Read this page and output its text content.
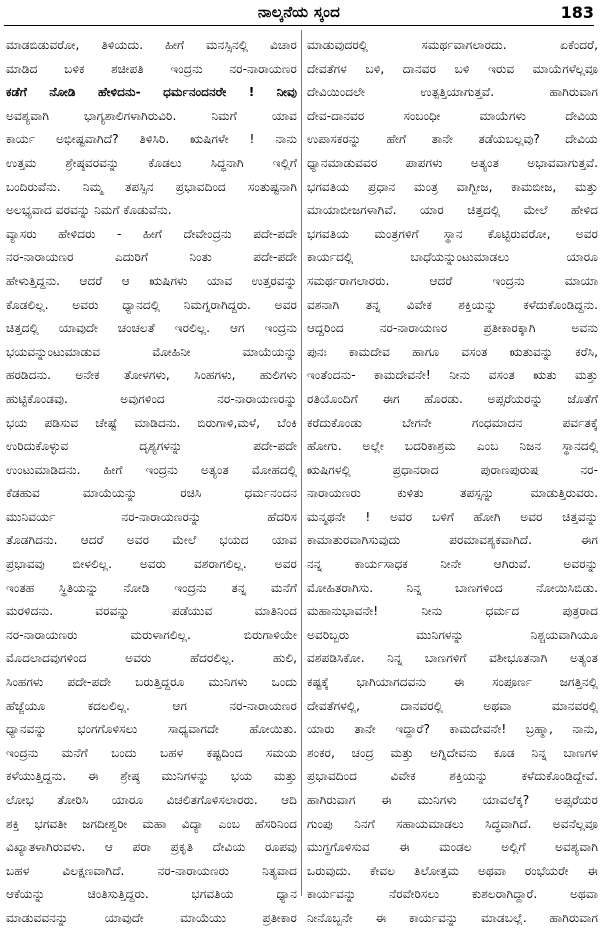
ನಾಲ್ಕನೆಯ ಸ್ಕಂದ	183
ಮಾಡಬಿಡುವರೋ, ತಿಳಿಯದು. ಹೀಗೆ ಮನಸ್ಸಿನಲ್ಲಿ ವಿಚಾರ
ಮಾಡಿದ ಬಳಿಕ ಶಚೀಪತಿ ಇಂದ್ರನು ನರ-ನಾರಾಯಣರ
ಕಡೆಗೆ ನೋಡಿ ಹೇಳಿದನು- ಧರ್ಮನಂದನರೇ ! ನೀವು
ಅವಶ್ಯವಾಗಿ ಭಾಗ್ಯಶಾಲಿಗಳಾಗಿರುವಿರಿ. ನಿಮಗೆ ಯಾವ
ಕಾರ್ಯ ಅಭೀಷ್ಟವಾಗಿದೆ? ತಿಳಿಸಿರಿ. ಋಷಿಗಳೇ ! ನಾನು
ಉತ್ತಮ ಶ್ರೇಷ್ಠವರವನ್ನು ಕೊಡಲು ಸಿದ್ಧನಾಗಿ ಇಲ್ಲಿಗೆ
ಬಂದಿರುವೆನು. ನಿಮ್ಮ ತಪಸ್ಸಿನ ಪ್ರಭಾವದಿಂದ ಸಂತುಷ್ಟನಾಗಿ
ಅಲಭ್ಯವಾದ ವರವನ್ನು ನಿಮಗೆ ಕೊಡುವೆನು.
ವ್ಯಾಸರು ಹೇಳಿದರು - ಹೀಗೆ ದೇವೇಂದ್ರನು ಪದೇ-ಪದೇ
ನರ-ನಾರಾಯಣರ ಎದುರಿಗೆ ನಿಂತು ಪದೇ-ಪದೇ
ಹೇಳುತ್ತಿದ್ದನು. ಆದರೆ ಆ ಋಷಿಗಳು ಯಾವ ಉತ್ತರವನ್ನು
ಕೊಡಲಿಲ್ಲ. ಅವರು ಧ್ಯಾನದಲ್ಲಿ ನಿಮಗ್ನರಾಗಿದ್ದರು. ಅವರ
ಚಿತ್ತದಲ್ಲಿ ಯಾವುದೇ ಚಂಚಲತೆ ಇರಲಿಲ್ಲ. ಆಗ ಇಂದ್ರನು
ಭಯವನ್ನುಂಟುಮಾಡುವ ಮೋಹಿನೀ ಮಾಯೆಯನ್ನು
ಹರಡಿದನು. ಅನೇಕ ತೋಳಗಳು, ಸಿಂಹಗಳು, ಹುಲಿಗಳು
ಹುಟ್ಟಿಕೊಂಡವು. ಅವುಗಳಿಂದ ನರ-ನಾರಾಯಣರನ್ನು
ಭಯ ಪಡಿಸುವ ಚೇಷ್ಟೆ ಮಾಡಿದನು. ಬಿರುಗಾಳಿ,ಮಳೆ, ಬೆಂಕಿ
ಉರಿದುಕೊಳ್ಳುವ ದೃಶ್ಯಗಳನ್ನು ಪದೇ-ಪದೇ
ಉಂಟುಮಾಡಿದನು. ಹೀಗೆ ಇಂದ್ರನು ಅತ್ಯಂತ ಮೋಹದಲ್ಲಿ
ಕೆಡಹುವ ಮಾಯೆಯನ್ನು ರಚಿಸಿ ಧರ್ಮನಂದನ
ಮುನಿವರ್ಯ ನರ-ನಾರಾಯಣರನ್ನು ಹೆದರಿಸ
ತೊಡಗಿದನು. ಆದರೆ ಅವರ ಮೇಲೆ ಭಯದ ಯಾವ
ಪ್ರಭಾವವು ಬೀಳಲಿಲ್ಲ. ಅವರು ವಶರಾಗಲಿಲ್ಲ. ಅವರ
ಇಂತಹ ಸ್ಥಿತಿಯನ್ನು ನೋಡಿ ಇಂದ್ರನು ತನ್ನ ಮನೆಗೆ
ಮರಳಿದನು. ವರವನ್ನು ಪಡೆಯುವ ಮಾತಿನಿಂದ
ನರ-ನಾರಾಯಣರು ಮರುಳಾಗಲಿಲ್ಲ. ಬಿರುಗಾಳಿಯೇ
ಮೊದಲಾದವುಗಳಿಂದ ಅವರು ಹೆದರಲಿಲ್ಲ. ಹುಲಿ,
ಸಿಂಹಗಳು ಪದೇ-ಪದೇ ಬರುತ್ತಿದ್ದರೂ ಮುನಿಗಳು ಒಂದು
ಹೆಜ್ಜೆಯೂ ಕದಲಲಿಲ್ಲ. ಆಗ ನರ-ನಾರಾಯಣರ
ಧ್ಯಾನವನ್ನು ಭಂಗಗೊಳಿಸಲು ಸಾಧ್ಯವಾಗದೇ ಹೋಯಿತು.
ಇಂದ್ರನು ಮನೆಗೆ ಬಂದು ಬಹಳ ಕಷ್ಟದಿಂದ ಸಮಯ
ಕಳೆಯುತ್ತಿದ್ದನು. ಈ ಶ್ರೇಷ್ಠ ಮುನಿಗಳನ್ನು ಭಯ ಮತ್ತು
ಲೋಭ ತೋರಿಸಿ ಯಾರೂ ವಿಚಲಿತಗೊಳಿಸಲಾರರು. ಆದಿ
ಶಕ್ತಿ ಭಗವತೀ ಜಗದೀಶ್ವರೀ ಮಹಾ ವಿದ್ಯಾ ಎಂಬ ಹೆಸರಿನಿಂದ
ವಿಖ್ಯಾತಳಾಗಿರುವಳು. ಆ ಪರಾ ಪ್ರಕೃತಿ ದೇವಿಯ ರೂಪವು
ಬಹಳ ವಿಲಕ್ಷಣವಾಗಿದೆ. ನರ-ನಾರಾಯಣರು ನಿತ್ಯವಾದ
ಆಕೆಯನ್ನು ಚಿಂತಿಸುತ್ತಿದ್ದರು. ಭಗವತಿಯ ಧ್ಯಾನ
ಮಾಡುವವನನ್ನು ಯಾವುದೇ ಮಾಯೆಯು ಪ್ರತೀಕಾರ
ಮಾಡುವುದರಲ್ಲಿ ಸಮರ್ಥವಾಗಲಾರದು. ಏಕೆಂದರೆ,
ದೇವತೆಗಳ ಬಳಿ, ದಾನವರ ಬಳಿ ಇರುವ ಮಾಯೆಗಳೆಲ್ಲವೂ
ದೇವಿಯಿಂದಲೇ ಉತ್ಪತ್ತಿಯಾಗುತ್ತವೆ. ಹಾಗಿರುವಾಗ
ದೇವ-ದಾನವರ ಸಂಬಂಧೀ ಮಾಯೆಗಳು ದೇವಿಯ
ಉಪಾಸಕರನ್ನು ಹೇಗೆ ತಾನೇ ತಡೆಯಬಲ್ಲವು? ದೇವಿಯ
ಧ್ಯಾನಮಾಡುವವರ ಪಾಪಗಳು ಅತ್ಯಂತ ಅಭಾವವಾಗುತ್ತವೆ.
ಭಗವತಿಯ ಪ್ರಧಾನ ಮಂತ್ರ ವಾಗ್ಬೀಜ, ಕಾಮಬೀಜ, ಮತ್ತು
ಮಾಯಾಬೀಜಗಳಾಗಿವೆ. ಯಾರ ಚಿತ್ತದಲ್ಲಿ ಮೇಲೆ ಹೇಳಿದ
ಭಗವತಿಯ ಮಂತ್ರಗಳಿಗೆ ಸ್ಥಾನ ಕೊಟ್ಟಿರುವರೋ, ಅವರ
ಕಾರ್ಯದಲ್ಲಿ ಬಾಧೆಯನ್ನುಂಟುಮಾಡಲು ಯಾರೂ
ಸಮರ್ಥರಾಗಲಾರರು. ಆದರೆ ಇಂದ್ರನು ಮಾಯಾ
ವಶನಾಗಿ ತನ್ನ ವಿವೇಕ ಶಕ್ತಿಯನ್ನು ಕಳೆದುಕೊಂಡಿದ್ದನು.
ಆದ್ದರಿಂದ ನರ-ನಾರಾಯಣರ ಪ್ರತೀಕಾರಕ್ಕಾಗಿ ಅವನು
ಪುನಃ ಕಾಮದೇವ ಹಾಗೂ ವಸಂತ ಋತುವನ್ನು ಕರೆಸಿ,
ಇಂತೆಂದನು- ಕಾಮದೇವನೇ! ನೀನು ವಸಂತ ಋತು ಮತ್ತು
ರತಿಯೊಂದಿಗೆ ಈಗ ಹೊರಡು. ಅಪ್ಸರೆಯರನ್ನು ಜೊತೆಗೆ
ಕರೆದುಕೊಂಡು ಬೇಗನೇ ಗಂಧಮಾದನ ಪರ್ವತಕ್ಕೆ
ಹೋಗು. ಅಲ್ಲೇ ಬದರಿಕಾಶ್ರಮ ಎಂಬ ನಿಜನ ಸ್ಥಾನದಲ್ಲಿ
ಋಷಿಗಳಲ್ಲಿ ಪ್ರಧಾನರಾದ ಪುರಾಣಪುರುಷ ನರ-
ನಾರಾಯಣರು ಕುಳಿತು ತಪಸ್ಸನ್ನು ಮಾಡುತ್ತಿರುವರು.
ಮನ್ಮಥನೇ ! ಅವರ ಬಳಿಗೆ ಹೋಗಿ ಅವರ ಚಿತ್ತವನ್ನು
ಕಾಮಾತುರವಾಗಿಸುವುದು ಪರಮಾವಶ್ಯಕವಾಗಿದೆ. ಈಗ
ನನ್ನ ಕಾರ್ಯಸಾಧಕ ನೀನೇ ಆಗಿರುವೆ. ಅವರನ್ನು
ಮೋಹಿತರಾಗಿಸು. ನಿನ್ನ ಬಾಣಗಳಿಂದ ನೋಯಿಸಿಬಿಡು.
ಮಹಾನುಭಾವನೇ! ನೀನು ಧರ್ಮದ ಪುತ್ರರಾದ
ಅವರಿಬ್ಬರು ಮುನಿಗಳನ್ನು ನಿಶ್ಚಯವಾಗಿಯೂ
ವಶಪಡಿಸಿಕೋ. ನಿನ್ನ ಬಾಣಗಳಿಗೆ ವಶೀಭೂತನಾಗಿ ಅತ್ಯಂತ
ಕಷ್ಟಕ್ಕೆ ಭಾಗಿಯಾಗದವನು ಈ ಸಂಪೂರ್ಣ ಜಗತ್ತಿನಲ್ಲಿ
ದೇವತೆಗಳಲ್ಲಿ, ದಾನವರಲ್ಲಿ ಅಥವಾ ಮಾನವರಲ್ಲಿ
ಯಾರು ತಾನೇ ಇದ್ದಾರೆ? ಕಾಮದೇವನೇ! ಬ್ರಹ್ಮಾ, ನಾನು,
ಶಂಕರ, ಚಂದ್ರ ಮತ್ತು ಅಗ್ನಿದೇವನು ಕೂಡ ನಿನ್ನ ಬಾಣಗಳ
ಪ್ರಭಾವದಿಂದ ವಿವೇಕ ಶಕ್ತಿಯನ್ನು ಕಳೆದುಕೊಂಡಿದ್ದೇವೆ.
ಹಾಗಿರುವಾಗ ಈ ಮುನಿಗಳು ಯಾವಲೆಕ್ಕ? ಅಪ್ಸರೆಯರ
ಗುಂಪು ನಿನಗೆ ಸಹಾಯಮಾಡಲು ಸಿದ್ಧವಾಗಿದೆ. ಅವನೆಲ್ಲವೂ
ಮುಗ್ಧಗೊಳಿಸುವ ಈ ಮಂಡಲ ಅಲ್ಲಿಗೆ ಅವಶ್ಯವಾಗಿ
ಒರುವುದು. ಕೇವಲ ತಿಲೋತ್ತಮ ಅಥವಾ ರಂಭೆಯರೇ ಈ
ಕಾರ್ಯವನ್ನು ನೆರವೇರಿಸಲು ಕುಶಲರಾಗಿದ್ದಾರೆ. ಅಥವಾ
ನೀನೊಬ್ಬನೇ ಈ ಕಾರ್ಯವನ್ನು ಮಾಡಬಲ್ಲೆ. ಹಾಗಿರುವಾಗ
